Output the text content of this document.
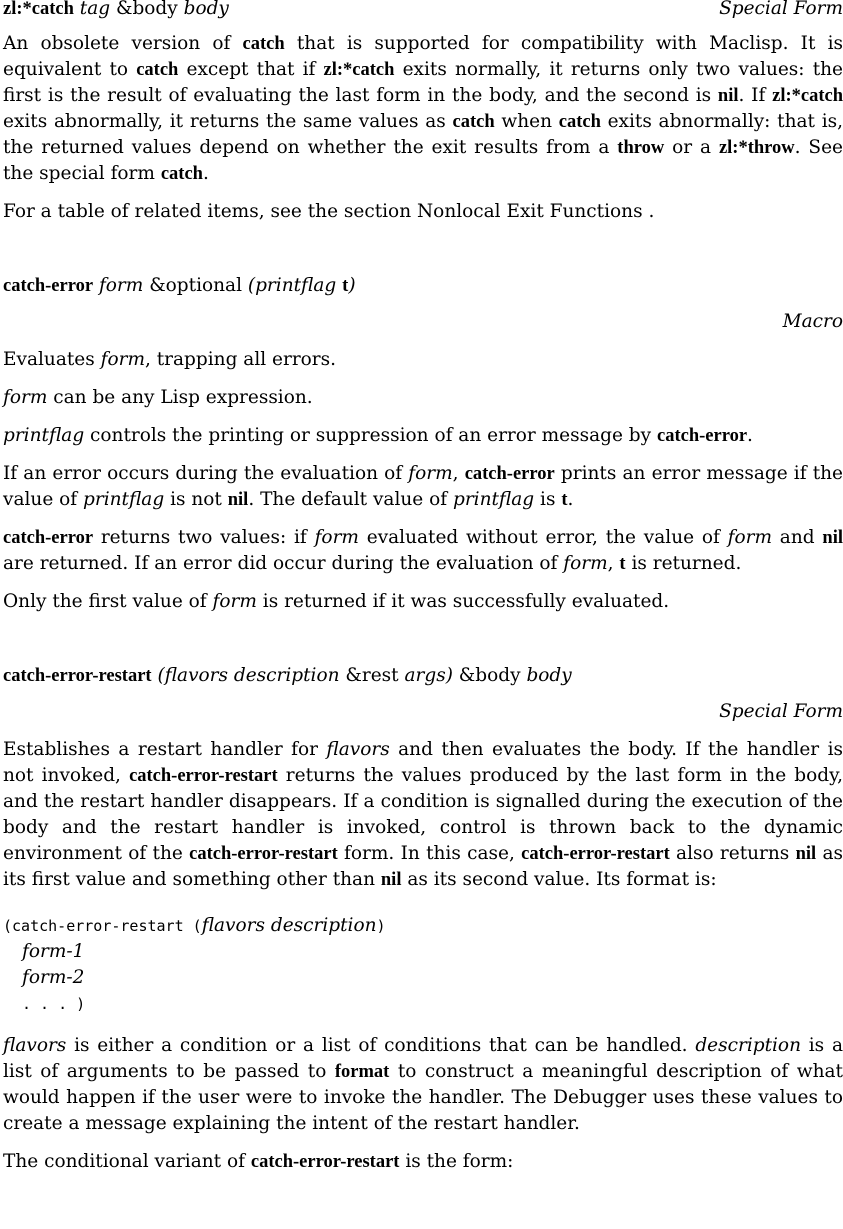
zl:*catch tag &body body	Special Form

An obsolete version of catch that is supported for compatibility with Maclisp. It is equivalent to catch except that if zl:*catch exits normally, it returns only two values: the first is the result of evaluating the last form in the body, and the second is nil. If zl:*catch exits abnormally, it returns the same values as catch when catch exits abnormally: that is, the returned values depend on whether the exit results from a throw or a zl:*throw. See the special form catch.

For a table of related items, see the section Nonlocal Exit Functions .

catch-error form &optional (printflag t)
Macro

Evaluates form, trapping all errors.

form can be any Lisp expression.

printflag controls the printing or suppression of an error message by catch-error.

If an error occurs during the evaluation of form, catch-error prints an error message if the value of printflag is not nil. The default value of printflag is t.

catch-error returns two values: if form evaluated without error, the value of form and nil are returned. If an error did occur during the evaluation of form, t is returned.

Only the first value of form is returned if it was successfully evaluated.

catch-error-restart (flavors description &rest args) &body body
Special Form

Establishes a restart handler for flavors and then evaluates the body. If the handler is not invoked, catch-error-restart returns the values produced by the last form in the body, and the restart handler disappears. If a condition is signalled during the execution of the body and the restart handler is invoked, control is thrown back to the dynamic environment of the catch-error-restart form. In this case, catch-error-restart also returns nil as its first value and something other than nil as its second value. Its format is:

(catch-error-restart (flavors description)
form-1
form-2
. . . )

flavors is either a condition or a list of conditions that can be handled. description is a list of arguments to be passed to format to construct a meaningful description of what would happen if the user were to invoke the handler. The Debugger uses these values to create a message explaining the intent of the restart handler.

The conditional variant of catch-error-restart is the form:
